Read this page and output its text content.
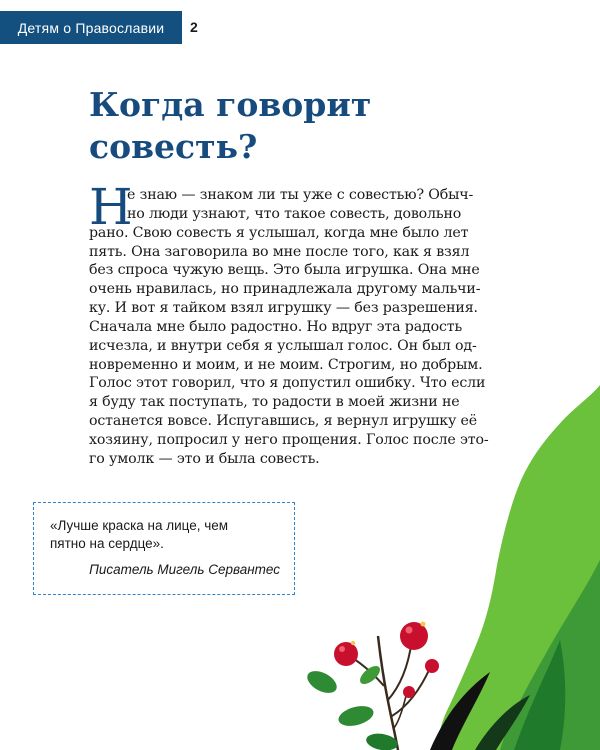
Детям о Православии 2
Когда говорит
совесть?
Н
е знаю — знаком ли ты уже с совестью? Обыч-
но люди узнают, что такое совесть, довольно
рано. Свою совесть я услышал, когда мне было лет
пять. Она заговорила во мне после того, как я взял
без спроса чужую вещь. Это была игрушка. Она мне
очень нравилась, но принадлежала другому мальчи-
ку. И вот я тайком взял игрушку — без разрешения.
Сначала мне было радостно. Но вдруг эта радость
исчезла, и внутри себя я услышал голос. Он был од-
новременно и моим, и не моим. Строгим, но добрым.
Голос этот говорил, что я допустил ошибку. Что если
я буду так поступать, то радости в моей жизни не
останется вовсе. Испугавшись, я вернул игрушку её
хозяину, попросил у него прощения. Голос после это-
го умолк — это и была совесть.
«Лучше краска на лице, чем
пятно на сердце».
Писатель Мигель Сервантес
